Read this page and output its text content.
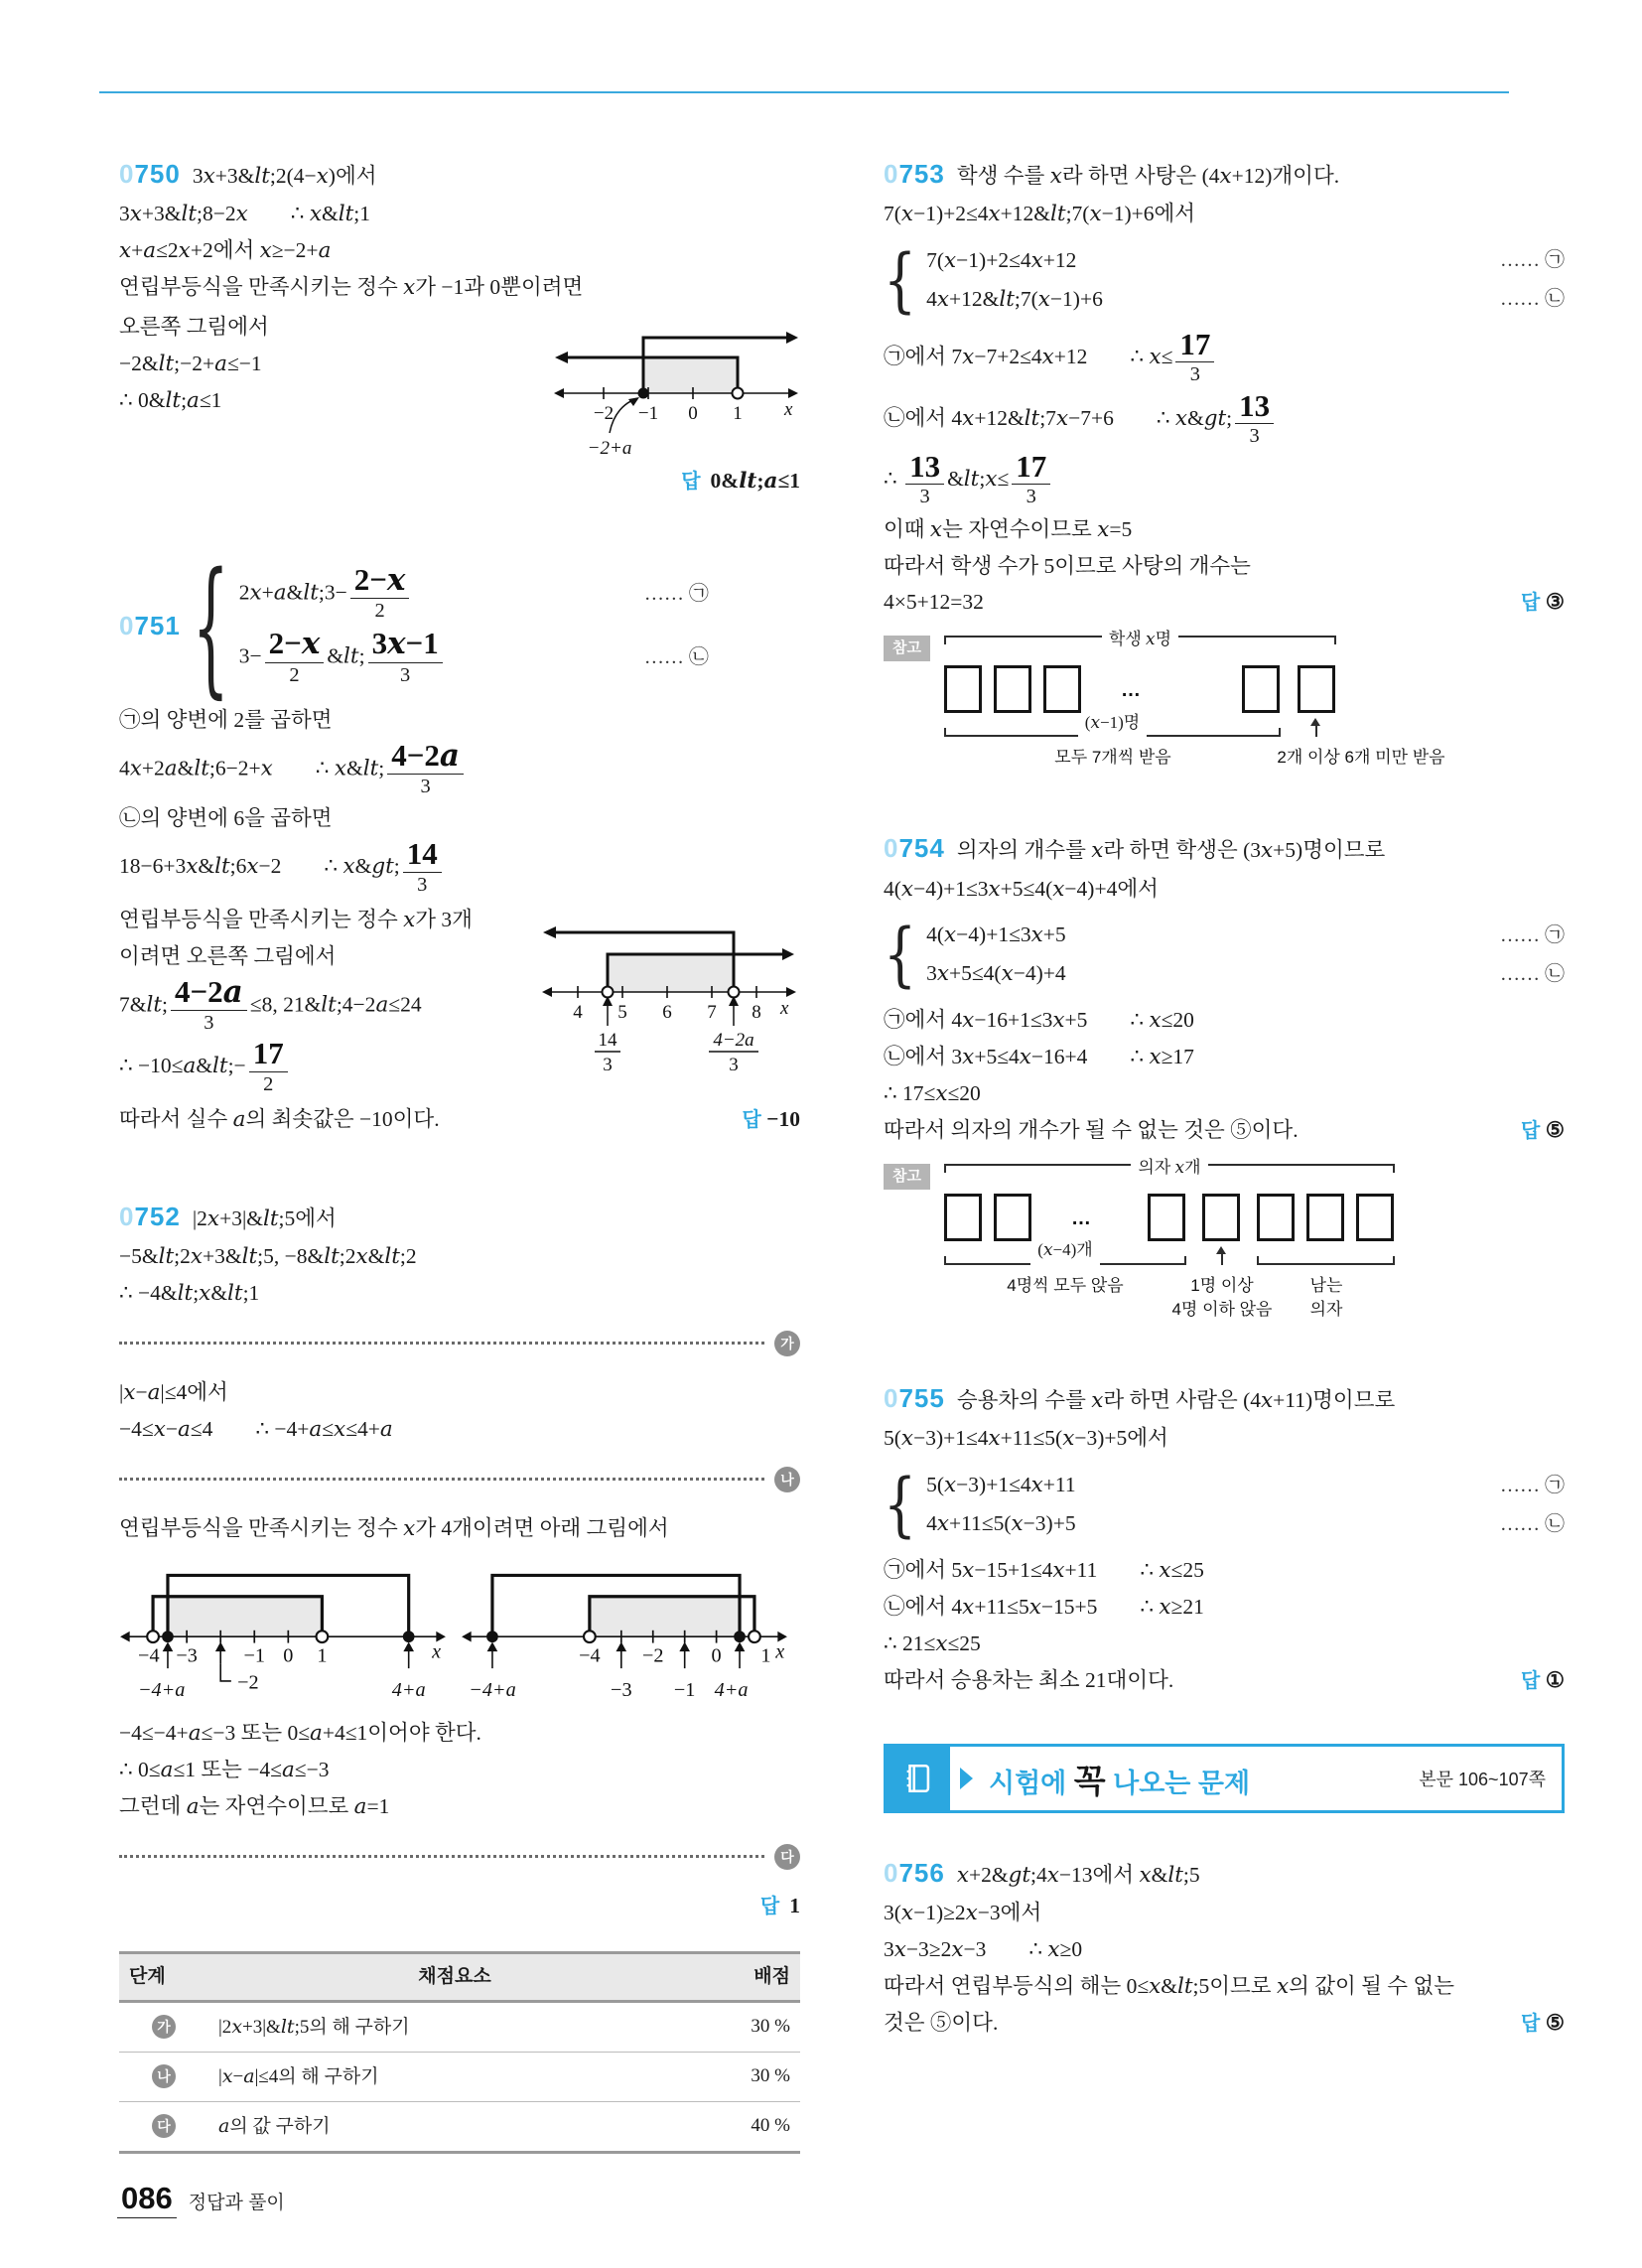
0750 3x+3&lt;2(4−x)에서
3x+3&lt;8−2x  ∴ x&lt;1
x+a≤2x+2에서 x≥−2+a
연립부등식을 만족시키는 정수 x가 −1과 0뿐이려면
오른쪽 그림에서
−2&lt;−2+a≤−1
∴ 0&lt;a≤1
−2 −1 0 1 x
−2+a
답 0&lt;a≤1
0751 { 2x+a&lt;3− $\frac{2-x}{2}$	…… ㉠
$3- \frac{2-x}{2}$ &lt; $\frac{3x-1}{3}$	…… ㉡
㉠의 양변에 2를 곱하면
4x+2a&lt;6−2+x  ∴ x&lt; $\frac{4-2a}{3}$
㉡의 양변에 6을 곱하면
18−6+3x&lt;6x−2  ∴ x&gt; $\frac{14}{3}$
연립부등식을 만족시키는 정수 x가 3개
이려면 오른쪽 그림에서
7&lt; $\frac{4-2a}{3} \le 8$, 21&lt;4−2a≤24
∴ −10≤a&lt;− $\frac{17}{2}$
4 5 6 7 8 x
14
3
4−2a
3
따라서 실수 a의 최솟값은 −10이다.	답 −10
0752 |2x+3|&lt;5에서
−5&lt;2x+3&lt;5, −8&lt;2x&lt;2
∴ −4&lt;x&lt;1
가
|x−a|≤4에서
−4≤x−a≤4  ∴ −4+a≤x≤4+a
나
연립부등식을 만족시키는 정수 x가 4개이려면 아래 그림에서
−4 −3 −1 0 1	x
−4+a	−2	4+a
−4 −2	0 1 x
−4+a	−3 −1 4+a
−4≤−4+a≤−3 또는 0≤a+4≤1이어야 한다.
∴ 0≤a≤1 또는 −4≤a≤−3
그런데 a는 자연수이므로 a=1
다
답 1
단계	채점요소	배점
가	|2x+3|&lt;5의 해 구하기	30 %
나	|x−a|≤4의 해 구하기	30 %
다	a의 값 구하기	40 %
0753 학생 수를 x라 하면 사탕은 (4x+12)개이다.
7(x−1)+2≤4x+12&lt;7(x−1)+6에서
{ 7(x−1)+2≤4x+12	…… ㉠
4x+12&lt;7(x−1)+6	…… ㉡
㉠에서 7x−7+2≤4x+12  ∴ $x\le \frac{17}{3}$
㉡에서 4x+12&lt;7x−7+6  ∴ x&gt; $\frac{13}{3}$
∴ $\frac{13}{3}$ &lt;x≤ $\frac{17}{3}$
이때 x는 자연수이므로 x=5
따라서 학생 수가 5이므로 사탕의 개수는
4×5+12=32	답 ③
참고	학생 x명
…
(x−1)명
모두 7개씩 받음	2개 이상 6개 미만 받음
0754 의자의 개수를 x라 하면 학생은 (3x+5)명이므로
4(x−4)+1≤3x+5≤4(x−4)+4에서
{ 4(x−4)+1≤3x+5	…… ㉠
3x+5≤4(x−4)+4	…… ㉡
㉠에서 4x−16+1≤3x+5  ∴ x≤20
㉡에서 3x+5≤4x−16+4  ∴ x≥17
∴ 17≤x≤20
따라서 의자의 개수가 될 수 없는 것은 ⑤이다.	답 ⑤
참고	의자 x개
…
(x−4)개
4명씩 모두 앉음	1명 이상
4명 이하 앉음
남는
의자
0755 승용차의 수를 x라 하면 사람은 (4x+11)명이므로
5(x−3)+1≤4x+11≤5(x−3)+5에서
{ 5(x−3)+1≤4x+11	…… ㉠
4x+11≤5(x−3)+5	…… ㉡
㉠에서 5x−15+1≤4x+11  ∴ x≤25
㉡에서 4x+11≤5x−15+5  ∴ x≥21
∴ 21≤x≤25
따라서 승용차는 최소 21대이다.	답 ①
시험에 꼭 나오는 문제	본문 106~107쪽
0756 x+2&gt;4x−13에서 x&lt;5
3(x−1)≥2x−3에서
3x−3≥2x−3  ∴ x≥0
따라서 연립부등식의 해는 0≤x&lt;5이므로 x의 값이 될 수 없는
것은 ⑤이다.	답 ⑤
086 정답과 풀이
